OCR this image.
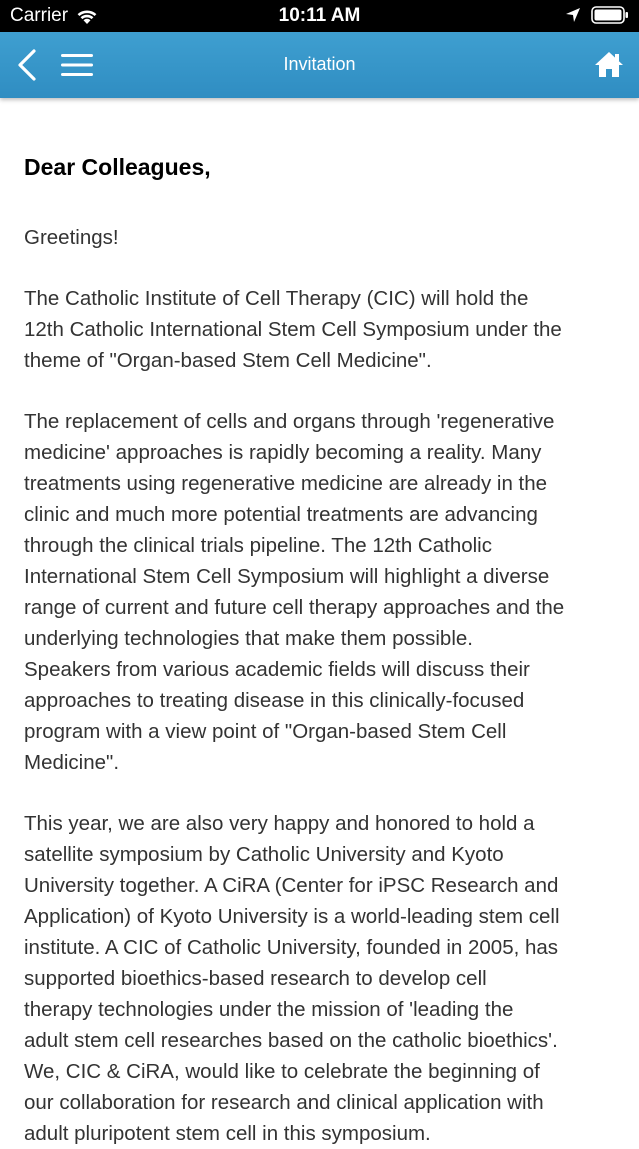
Carrier	10:11 AM
Invitation
Dear Colleagues,

Greetings!

The Catholic Institute of Cell Therapy (CIC) will hold the
12th Catholic International Stem Cell Symposium under the
theme of "Organ-based Stem Cell Medicine".

The replacement of cells and organs through 'regenerative
medicine' approaches is rapidly becoming a reality. Many
treatments using regenerative medicine are already in the
clinic and much more potential treatments are advancing
through the clinical trials pipeline. The 12th Catholic
International Stem Cell Symposium will highlight a diverse
range of current and future cell therapy approaches and the
underlying technologies that make them possible.
Speakers from various academic fields will discuss their
approaches to treating disease in this clinically-focused
program with a view point of "Organ-based Stem Cell
Medicine".

This year, we are also very happy and honored to hold a
satellite symposium by Catholic University and Kyoto
University together. A CiRA (Center for iPSC Research and
Application) of Kyoto University is a world-leading stem cell
institute. A CIC of Catholic University, founded in 2005, has
supported bioethics-based research to develop cell
therapy technologies under the mission of 'leading the
adult stem cell researches based on the catholic bioethics'.
We, CIC & CiRA, would like to celebrate the beginning of
our collaboration for research and clinical application with
adult pluripotent stem cell in this symposium.
